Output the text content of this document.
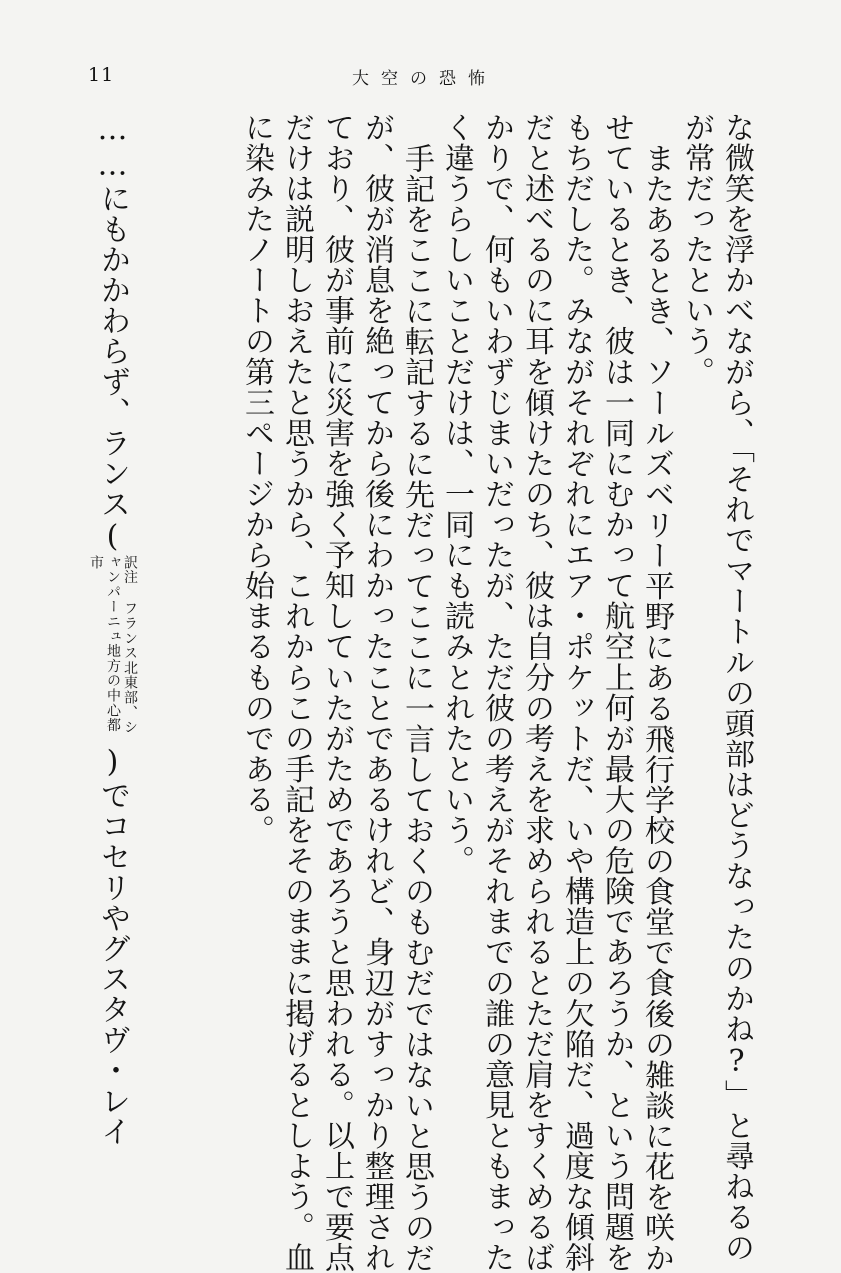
11	大空の恐怖
な微笑を浮かべながら、「それでマートルの頭部はどうなったのかね?」と尋ねるの
が常だったという。
またあるとき、ソールズベリー平野にある飛行学校の食堂で食後の雑談に花を咲か
せているとき、彼は一同にむかって航空上何が最大の危険であろうか、という問題を
もちだした。みながそれぞれにエア・ポケットだ、いや構造上の欠陥だ、過度な傾斜
だと述べるのに耳を傾けたのち、彼は自分の考えを求められるとただ肩をすくめるば
かりで、何もいわずじまいだったが、ただ彼の考えがそれまでの誰の意見ともまった
く違うらしいことだけは、一同にも読みとれたという。
手記をここに転記するに先だってここに一言しておくのもむだではないと思うのだ
が、彼が消息を絶ってから後にわかったことであるけれど、身辺がすっかり整理され
ており、彼が事前に災害を強く予知していたがためであろうと思われる。以上で要点
だけは説明しおえたと思うから、これからこの手記をそのままに掲げるとしよう。血
に染みたノートの第三ページから始まるものである。
……にもかかわらず、ランス(訳注 フランス北東部、シャンパーニュ地方の中心都市)でコセリやグスタヴ・レイ
